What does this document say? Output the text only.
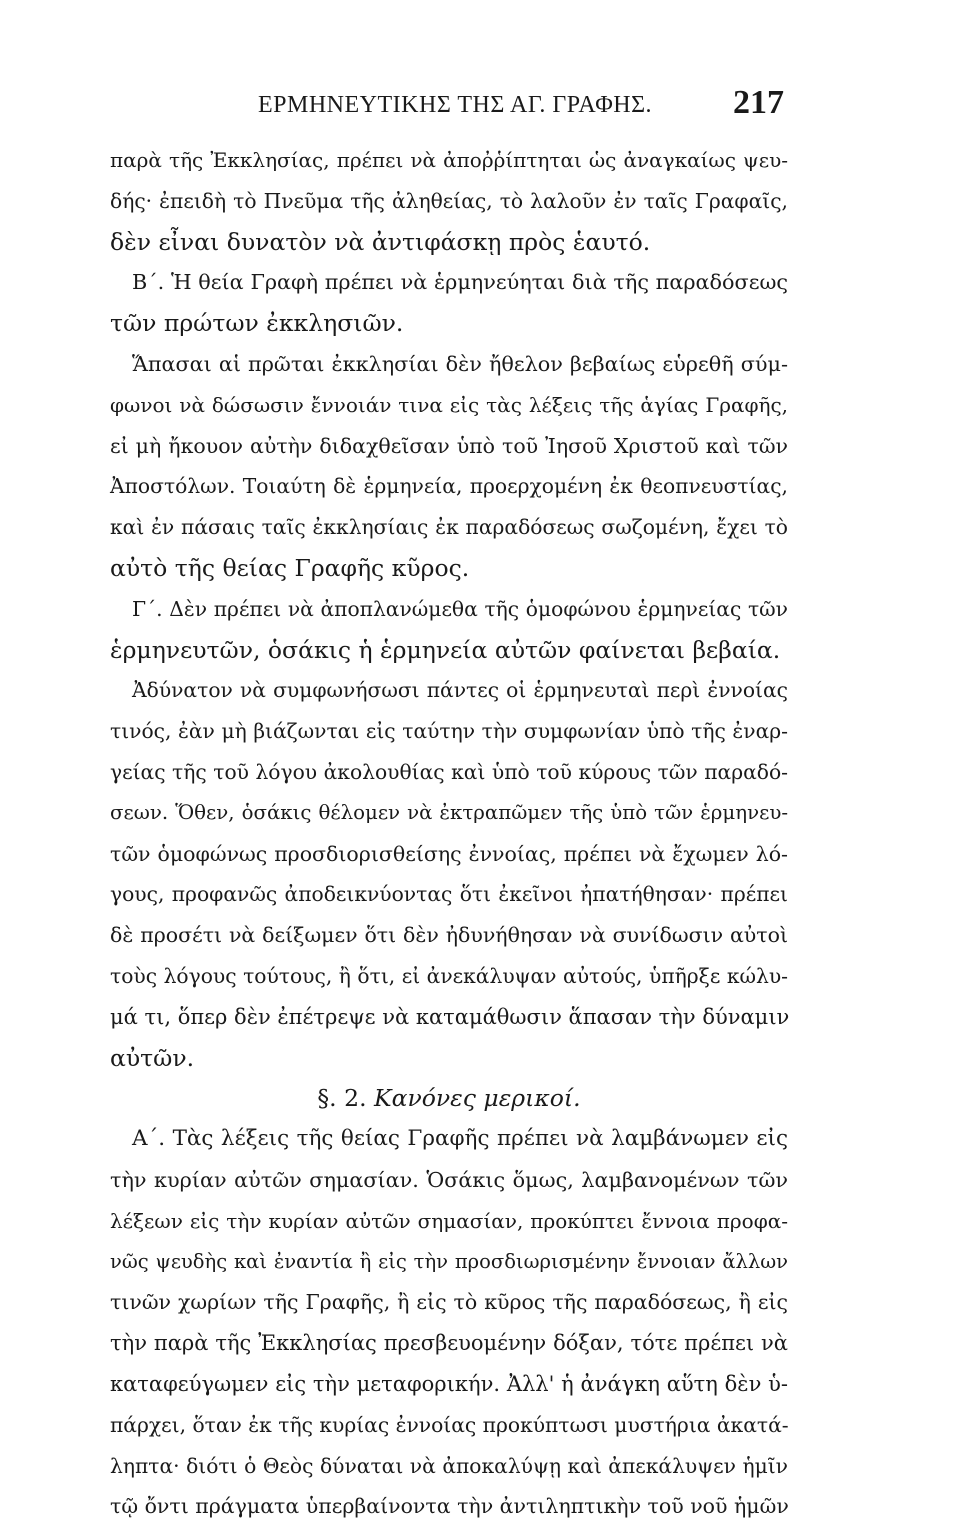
ΕΡΜΗΝΕΥΤΙΚΗΣ ΤΗΣ ΑΓ. ΓΡΑΦΗΣ. 217
παρὰ τῆς Ἐκκλησίας, πρέπει νὰ ἀποῤῥίπτηται ὡς ἀναγκαίως ψευ-
δής· ἐπειδὴ τὸ Πνεῦμα τῆς ἀληθείας, τὸ λαλοῦν ἐν ταῖς Γραφαῖς,
δὲν εἶναι δυνατὸν νὰ ἀντιφάσκῃ πρὸς ἑαυτό.
Β΄. Ἡ θεία Γραφὴ πρέπει νὰ ἑρμηνεύηται διὰ τῆς παραδόσεως
τῶν πρώτων ἐκκλησιῶν.
Ἅπασαι αἱ πρῶται ἐκκλησίαι δὲν ἤθελον βεβαίως εὑρεθῆ σύμ-
φωνοι νὰ δώσωσιν ἔννοιάν τινα εἰς τὰς λέξεις τῆς ἁγίας Γραφῆς,
εἰ μὴ ἤκουον αὐτὴν διδαχθεῖσαν ὑπὸ τοῦ Ἰησοῦ Χριστοῦ καὶ τῶν
Ἀποστόλων. Τοιαύτη δὲ ἑρμηνεία, προερχομένη ἐκ θεοπνευστίας,
καὶ ἐν πάσαις ταῖς ἐκκλησίαις ἐκ παραδόσεως σωζομένη, ἔχει τὸ
αὐτὸ τῆς θείας Γραφῆς κῦρος.
Γ΄. Δὲν πρέπει νὰ ἀποπλανώμεθα τῆς ὁμοφώνου ἑρμηνείας τῶν
ἑρμηνευτῶν, ὁσάκις ἡ ἑρμηνεία αὐτῶν φαίνεται βεβαία.
Ἀδύνατον νὰ συμφωνήσωσι πάντες οἱ ἑρμηνευταὶ περὶ ἐννοίας
τινός, ἐὰν μὴ βιάζωνται εἰς ταύτην τὴν συμφωνίαν ὑπὸ τῆς ἐναρ-
γείας τῆς τοῦ λόγου ἀκολουθίας καὶ ὑπὸ τοῦ κύρους τῶν παραδό-
σεων. Ὅθεν, ὁσάκις θέλομεν νὰ ἐκτραπῶμεν τῆς ὑπὸ τῶν ἑρμηνευ-
τῶν ὁμοφώνως προσδιορισθείσης ἐννοίας, πρέπει νὰ ἔχωμεν λό-
γους, προφανῶς ἀποδεικνύοντας ὅτι ἐκεῖνοι ἠπατήθησαν· πρέπει
δὲ προσέτι νὰ δείξωμεν ὅτι δὲν ἠδυνήθησαν νὰ συνίδωσιν αὐτοὶ
τοὺς λόγους τούτους, ἢ ὅτι, εἰ ἀνεκάλυψαν αὐτούς, ὑπῆρξε κώλυ-
μά τι, ὅπερ δὲν ἐπέτρεψε νὰ καταμάθωσιν ἅπασαν τὴν δύναμιν
αὐτῶν.
§. 2. Κανόνες μερικοί.
Α΄. Τὰς λέξεις τῆς θείας Γραφῆς πρέπει νὰ λαμβάνωμεν εἰς
τὴν κυρίαν αὐτῶν σημασίαν. Ὁσάκις ὅμως, λαμβανομένων τῶν
λέξεων εἰς τὴν κυρίαν αὐτῶν σημασίαν, προκύπτει ἔννοια προφα-
νῶς ψευδὴς καὶ ἐναντία ἢ εἰς τὴν προσδιωρισμένην ἔννοιαν ἄλλων
τινῶν χωρίων τῆς Γραφῆς, ἢ εἰς τὸ κῦρος τῆς παραδόσεως, ἢ εἰς
τὴν παρὰ τῆς Ἐκκλησίας πρεσβευομένην δόξαν, τότε πρέπει νὰ
καταφεύγωμεν εἰς τὴν μεταφορικήν. Ἀλλ' ἡ ἀνάγκη αὕτη δὲν ὑ-
πάρχει, ὅταν ἐκ τῆς κυρίας ἐννοίας προκύπτωσι μυστήρια ἀκατά-
ληπτα· διότι ὁ Θεὸς δύναται νὰ ἀποκαλύψῃ καὶ ἀπεκάλυψεν ἡμῖν
τῷ ὄντι πράγματα ὑπερβαίνοντα τὴν ἀντιληπτικὴν τοῦ νοῦ ἡμῶν
